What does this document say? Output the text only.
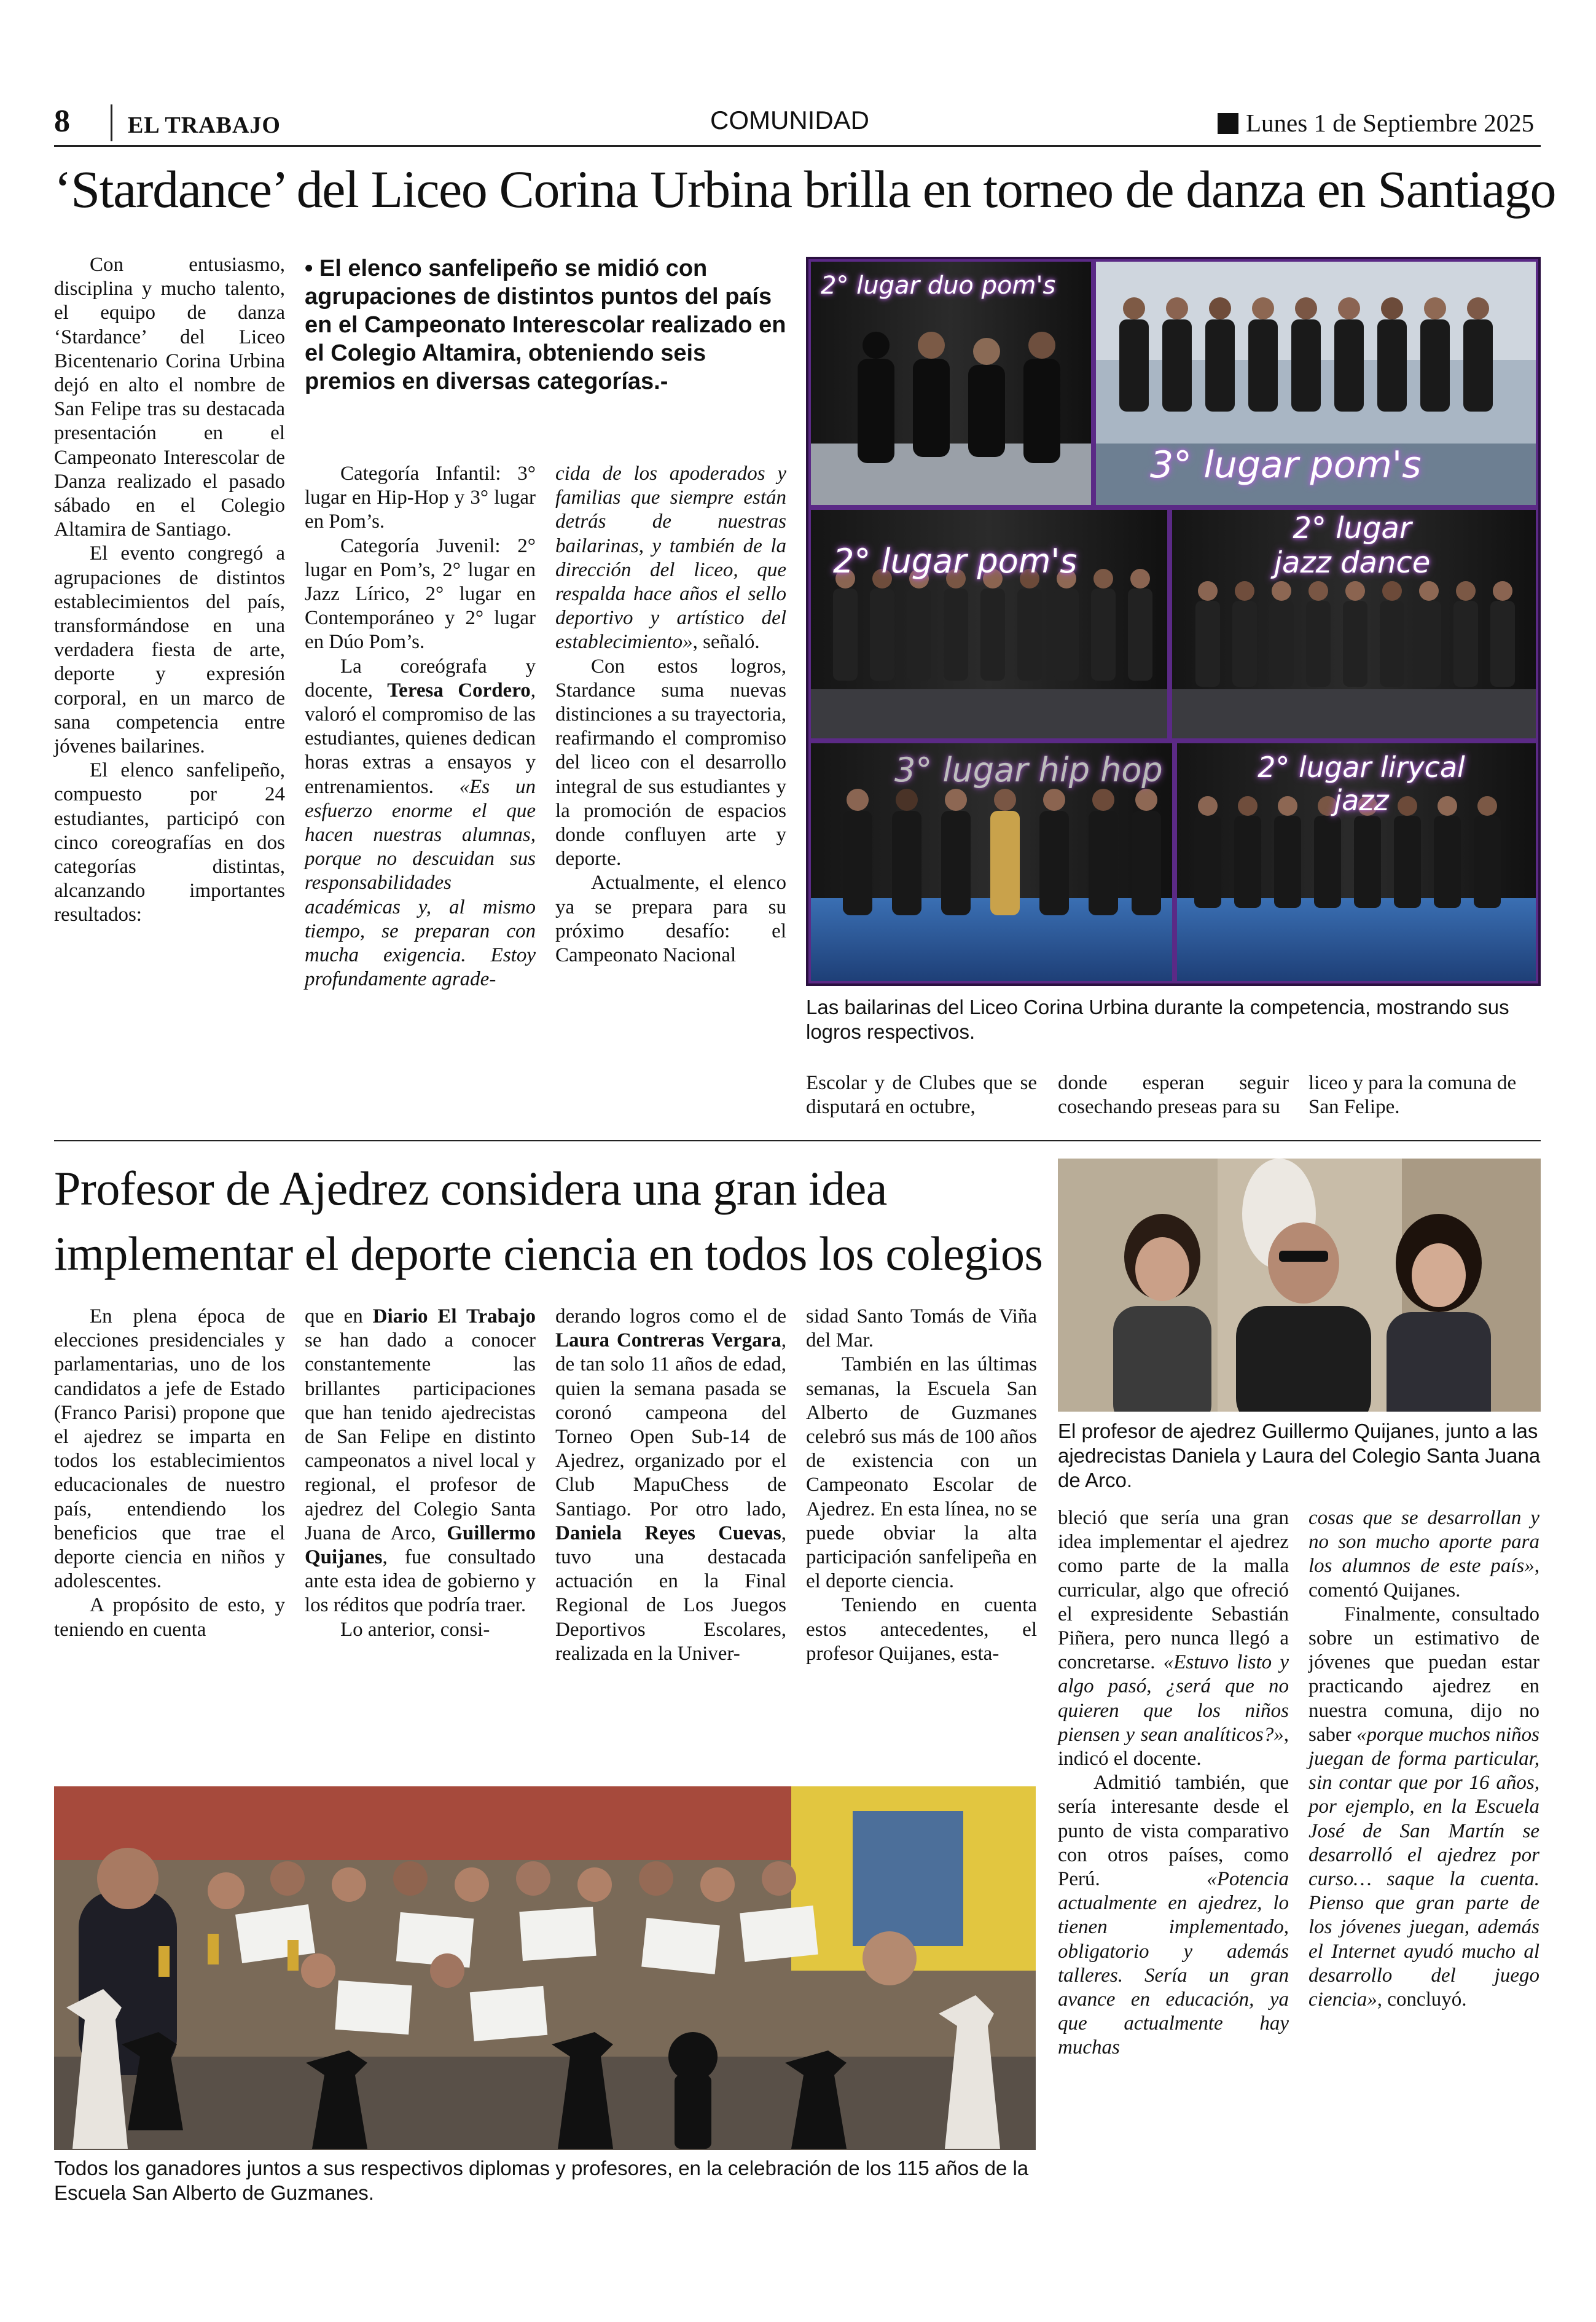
8 EL TRABAJO	COMUNIDAD	Lunes 1 de Septiembre 2025
‘Stardance’ del Liceo Corina Urbina brilla en torneo de danza en Santiago

Con entusiasmo, disciplina y mucho talento, el equipo de danza ‘Stardance’ del Liceo Bicentenario Corina Urbina dejó en alto el nombre de San Felipe tras su destacada presentación en el Campeonato Interescolar de Danza realizado el pasado sábado en el Colegio Altamira de Santiago.

El evento congregó a agrupaciones de distintos establecimientos del país, transformándose en una verdadera fiesta de arte, deporte y expresión corporal, en un marco de sana competencia entre jóvenes bailarines.

El elenco sanfelipeño, compuesto por 24 estudiantes, participó con cinco coreografías en dos categorías distintas, alcanzando importantes resultados:

• El elenco sanfelipeño se midió con agrupaciones de distintos puntos del país en el Campeonato Interescolar realizado en el Colegio Altamira, obteniendo seis premios en diversas categorías.-

Categoría Infantil: 3° lugar en Hip-Hop y 3° lugar en Pom’s.

Categoría Juvenil: 2° lugar en Pom’s, 2° lugar en Jazz Lírico, 2° lugar en Contemporáneo y 2° lugar en Dúo Pom’s.

La coreógrafa y docente, Teresa Cordero, valoró el compromiso de las estudiantes, quienes dedican horas extras a ensayos y entrenamientos. «Es un esfuerzo enorme el que hacen nuestras alumnas, porque no descuidan sus responsabilidades académicas y, al mismo tiempo, se preparan con mucha exigencia. Estoy profundamente agrade-

cida de los apoderados y familias que siempre están detrás de nuestras bailarinas, y también de la dirección del liceo, que respalda hace años el sello deportivo y artístico del establecimiento», señaló.

Con estos logros, Stardance suma nuevas distinciones a su trayectoria, reafirmando el compromiso del liceo con el desarrollo integral de sus estudiantes y la promoción de espacios donde confluyen arte y deporte.

Actualmente, el elenco ya se prepara para su próximo desafío: el Campeonato Nacional

2° lugar duo pom's
3° lugar pom's
2° lugar pom's
2° lugar jazz dance
3° lugar hip hop	2° lugar lirycal jazz
Las bailarinas del Liceo Corina Urbina durante la competencia, mostrando sus logros respectivos.
Escolar y de Clubes que se disputará en octubre,
donde esperan seguir cosechando preseas para su
liceo y para la comuna de San Felipe.
Profesor de Ajedrez considera una gran idea implementar el deporte ciencia en todos los colegios
El profesor de ajedrez Guillermo Quijanes, junto a las ajedrecistas Daniela y Laura del Colegio Santa Juana de Arco.

En plena época de elecciones presidenciales y parlamentarias, uno de los candidatos a jefe de Estado (Franco Parisi) propone que el ajedrez se imparta en todos los establecimientos educacionales de nuestro país, entendiendo los beneficios que trae el deporte ciencia en niños y adolescentes.

A propósito de esto, y teniendo en cuenta

que en Diario El Trabajo se han dado a conocer constantemente las brillantes participaciones que han tenido ajedrecistas de San Felipe en distinto campeonatos a nivel local y regional, el profesor de ajedrez del Colegio Santa Juana de Arco, Guillermo Quijanes, fue consultado ante esta idea de gobierno y los réditos que podría traer.

Lo anterior, consi-

derando logros como el de Laura Contreras Vergara, de tan solo 11 años de edad, quien la semana pasada se coronó campeona del Torneo Open Sub-14 de Ajedrez, organizado por el Club MapuChess de Santiago. Por otro lado, Daniela Reyes Cuevas, tuvo una destacada actuación en la Final Regional de Los Juegos Deportivos Escolares, realizada en la Univer-

sidad Santo Tomás de Viña del Mar.

También en las últimas semanas, la Escuela San Alberto de Guzmanes celebró sus más de 100 años de existencia con un Campeonato Escolar de Ajedrez. En esta línea, no se puede obviar la alta participación sanfelipeña en el deporte ciencia.

Teniendo en cuenta estos antecedentes, el profesor Quijanes, esta-

bleció que sería una gran idea implementar el ajedrez como parte de la malla curricular, algo que ofreció el expresidente Sebastián Piñera, pero nunca llegó a concretarse. «Estuvo listo y algo pasó, ¿será que no quieren que los niños piensen y sean analíticos?», indicó el docente.

Admitió también, que sería interesante desde el punto de vista comparativo con otros países, como Perú. «Potencia actualmente en ajedrez, lo tienen implementado, obligatorio y además talleres. Sería un gran avance en educación, ya que actualmente hay muchas

cosas que se desarrollan y no son mucho aporte para los alumnos de este país», comentó Quijanes.

Finalmente, consultado sobre un estimativo de jóvenes que puedan estar practicando ajedrez en nuestra comuna, dijo no saber «porque muchos niños juegan de forma particular, sin contar que por 16 años, por ejemplo, en la Escuela José de San Martín se desarrolló el ajedrez por curso… saque la cuenta. Pienso que gran parte de los jóvenes juegan, además el Internet ayudó mucho al desarrollo del juego ciencia», concluyó.

Todos los ganadores juntos a sus respectivos diplomas y profesores, en la celebración de los 115 años de la Escuela San Alberto de Guzmanes.
